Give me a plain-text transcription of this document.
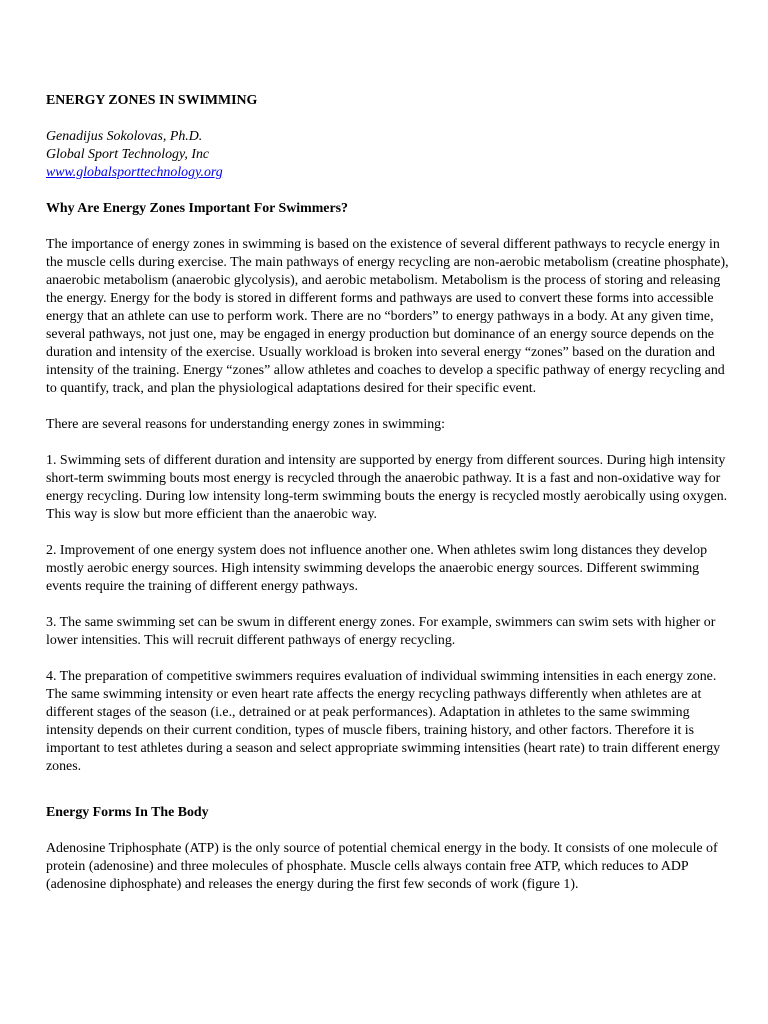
ENERGY ZONES IN SWIMMING
Genadijus Sokolovas, Ph.D.
Global Sport Technology, Inc
www.globalsporttechnology.org
Why Are Energy Zones Important For Swimmers?

The importance of energy zones in swimming is based on the existence of several different pathways to recycle energy in the muscle cells during exercise. The main pathways of energy recycling are non-aerobic metabolism (creatine phosphate), anaerobic metabolism (anaerobic glycolysis), and aerobic metabolism. Metabolism is the process of storing and releasing the energy. Energy for the body is stored in different forms and pathways are used to convert these forms into accessible energy that an athlete can use to perform work. There are no “borders” to energy pathways in a body. At any given time, several pathways, not just one, may be engaged in energy production but dominance of an energy source depends on the duration and intensity of the exercise. Usually workload is broken into several energy “zones” based on the duration and intensity of the training. Energy “zones” allow athletes and coaches to develop a specific pathway of energy recycling and to quantify, track, and plan the physiological adaptations desired for their specific event.

There are several reasons for understanding energy zones in swimming:

1. Swimming sets of different duration and intensity are supported by energy from different sources. During high intensity short-term swimming bouts most energy is recycled through the anaerobic pathway. It is a fast and non-oxidative way for energy recycling. During low intensity long-term swimming bouts the energy is recycled mostly aerobically using oxygen. This way is slow but more efficient than the anaerobic way.

2. Improvement of one energy system does not influence another one. When athletes swim long distances they develop mostly aerobic energy sources. High intensity swimming develops the anaerobic energy sources. Different swimming events require the training of different energy pathways.

3. The same swimming set can be swum in different energy zones. For example, swimmers can swim sets with higher or lower intensities. This will recruit different pathways of energy recycling.

4. The preparation of competitive swimmers requires evaluation of individual swimming intensities in each energy zone. The same swimming intensity or even heart rate affects the energy recycling pathways differently when athletes are at different stages of the season (i.e., detrained or at peak performances). Adaptation in athletes to the same swimming intensity depends on their current condition, types of muscle fibers, training history, and other factors. Therefore it is important to test athletes during a season and select appropriate swimming intensities (heart rate) to train different energy zones.

Energy Forms In The Body

Adenosine Triphosphate (ATP) is the only source of potential chemical energy in the body. It consists of one molecule of protein (adenosine) and three molecules of phosphate. Muscle cells always contain free ATP, which reduces to ADP (adenosine diphosphate) and releases the energy during the first few seconds of work (figure 1).
